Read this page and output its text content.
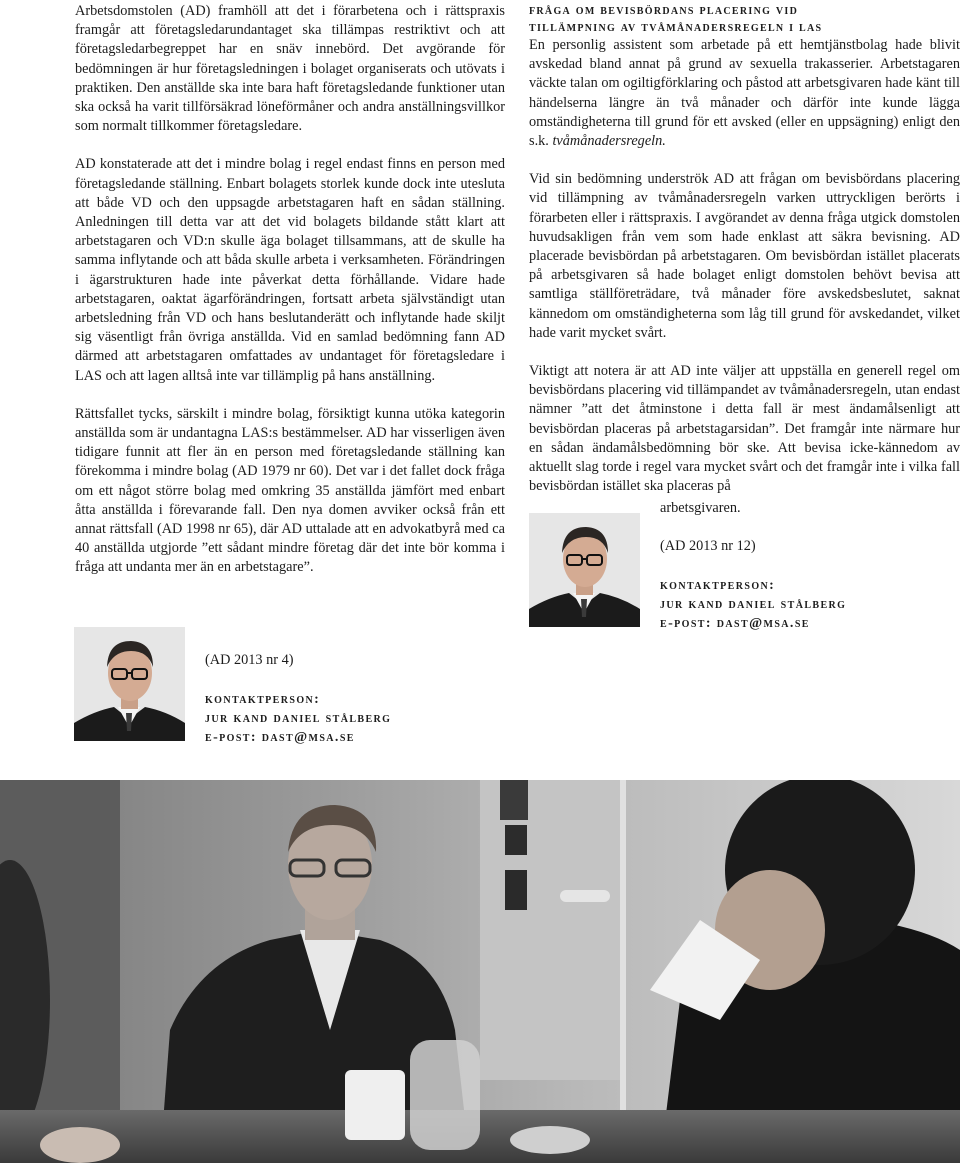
Arbetsdomstolen (AD) framhöll att det i förarbetena och i rättspraxis framgår att företagsledarundantaget ska tillämpas restriktivt och att företagsledarbegreppet har en snäv innebörd. Det avgörande för bedömningen är hur företagsledningen i bolaget organiserats och utövats i praktiken. Den anställde ska inte bara haft företagsledande funktioner utan ska också ha varit tillförsäkrad löneförmåner och andra anställningsvillkor som normalt tillkommer företagsledare.

AD konstaterade att det i mindre bolag i regel endast finns en person med företagsledande ställning. Enbart bolagets storlek kunde dock inte utesluta att både VD och den uppsagde arbetstagaren haft en sådan ställning. Anledningen till detta var att det vid bolagets bildande stått klart att arbetstagaren och VD:n skulle äga bolaget tillsammans, att de skulle ha samma inflytande och att båda skulle arbeta i verksamheten. Förändringen i ägarstrukturen hade inte påverkat detta förhållande. Vidare hade arbetstagaren, oaktat ägarförändringen, fortsatt arbeta självständigt utan arbetsledning från VD och hans beslutanderätt och inflytande hade skiljt sig väsentligt från övriga anställda. Vid en samlad bedömning fann AD därmed att arbetstagaren omfattades av undantaget för företagsledare i LAS och att lagen alltså inte var tillämplig på hans anställning.

Rättsfallet tycks, särskilt i mindre bolag, försiktigt kunna utöka kategorin anställda som är undantagna LAS:s bestämmelser. AD har visserligen även tidigare funnit att fler än en person med företagsledande ställning kan förekomma i mindre bolag (AD 1979 nr 60). Det var i det fallet dock fråga om ett något större bolag med omkring 35 anställda jämfört med enbart åtta anställda i förevarande fall. Den nya domen avviker också från ett annat rättsfall (AD 1998 nr 65), där AD uttalade att en advokatbyrå med ca 40 anställda utgjorde ”ett sådant mindre företag där det inte bör komma i fråga att undanta mer än en arbetstagare”.

(AD 2013 nr 4)
kontaktperson:
jur kand daniel stålberg
e-post: dast@msa.se
fråga om bevisbördans placering vid
tillämpning av tvåmånadersregeln i las

En personlig assistent som arbetade på ett hemtjänstbolag hade blivit avskedad bland annat på grund av sexuella trakasserier. Arbetstagaren väckte talan om ogiltigförklaring och påstod att arbetsgivaren hade känt till händelserna längre än två månader och därför inte kunde lägga omständigheterna till grund för ett avsked (eller en uppsägning) enligt den s.k. tvåmånadersregeln.

Vid sin bedömning underströk AD att frågan om bevisbördans placering vid tillämpning av tvåmånadersregeln varken uttryckligen berörts i förarbeten eller i rättspraxis. I avgörandet av denna fråga utgick domstolen huvudsakligen från vem som hade enklast att säkra bevisning. AD placerade bevisbördan på arbetstagaren. Om bevisbördan istället placerats på arbetsgivaren så hade bolaget enligt domstolen behövt bevisa att samtliga ställföreträdare, två månader före avskedsbeslutet, saknat kännedom om omständigheterna som låg till grund för avskedandet, vilket hade varit mycket svårt.

Viktigt att notera är att AD inte väljer att uppställa en generell regel om bevisbördans placering vid tillämpandet av tvåmånadersregeln, utan endast nämner ”att det åtminstone i detta fall är mest ändamålsenligt att bevisbördan placeras på arbetstagarsidan”. Det framgår inte närmare hur en sådan ändamålsbedömning bör ske. Att bevisa icke-kännedom av aktuellt slag torde i regel vara mycket svårt och det framgår inte i vilka fall bevisbördan istället ska placeras på

arbetsgivaren.
(AD 2013 nr 12)
kontaktperson:
jur kand daniel stålberg
e-post: dast@msa.se
